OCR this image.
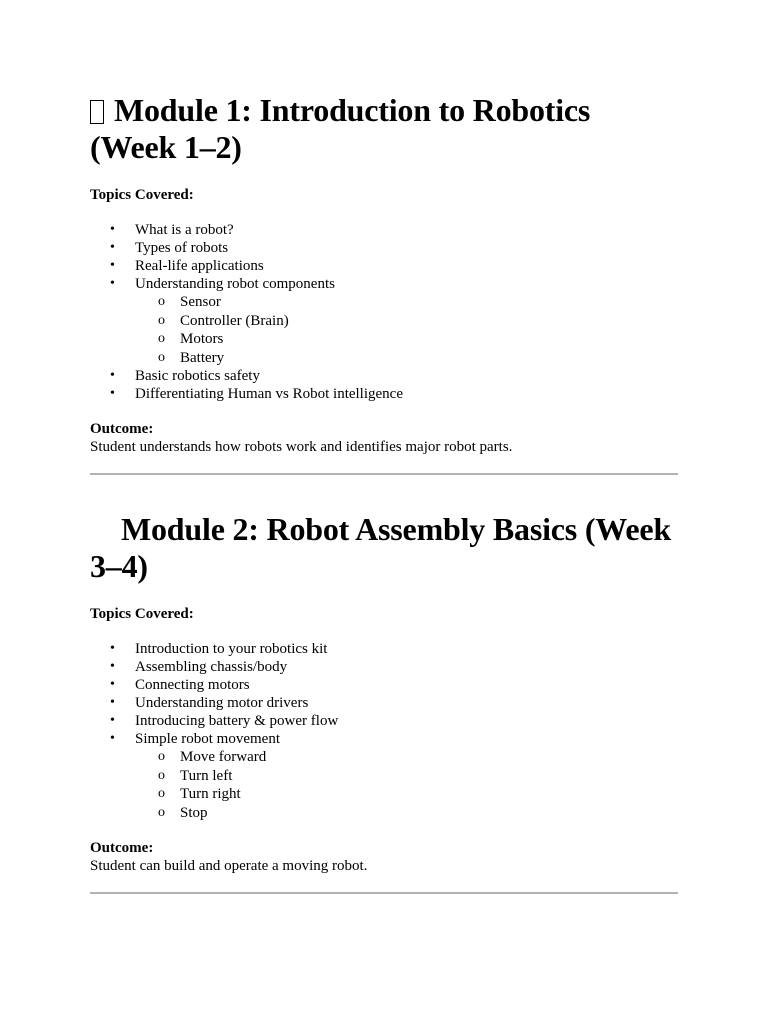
Module 1: Introduction to Robotics (Week 1–2)

Topics Covered:

• What is a robot?
• Types of robots
• Real-life applications
• Understanding robot components
o Sensor
o Controller (Brain)
o Motors
o Battery
• Basic robotics safety
• Differentiating Human vs Robot intelligence

Outcome:

Student understands how robots work and identifies major robot parts.

Module 2: Robot Assembly Basics (Week 3–4)

Topics Covered:

• Introduction to your robotics kit
• Assembling chassis/body
• Connecting motors
• Understanding motor drivers
• Introducing battery & power flow
• Simple robot movement
o Move forward
o Turn left
o Turn right
o Stop

Outcome:

Student can build and operate a moving robot.
